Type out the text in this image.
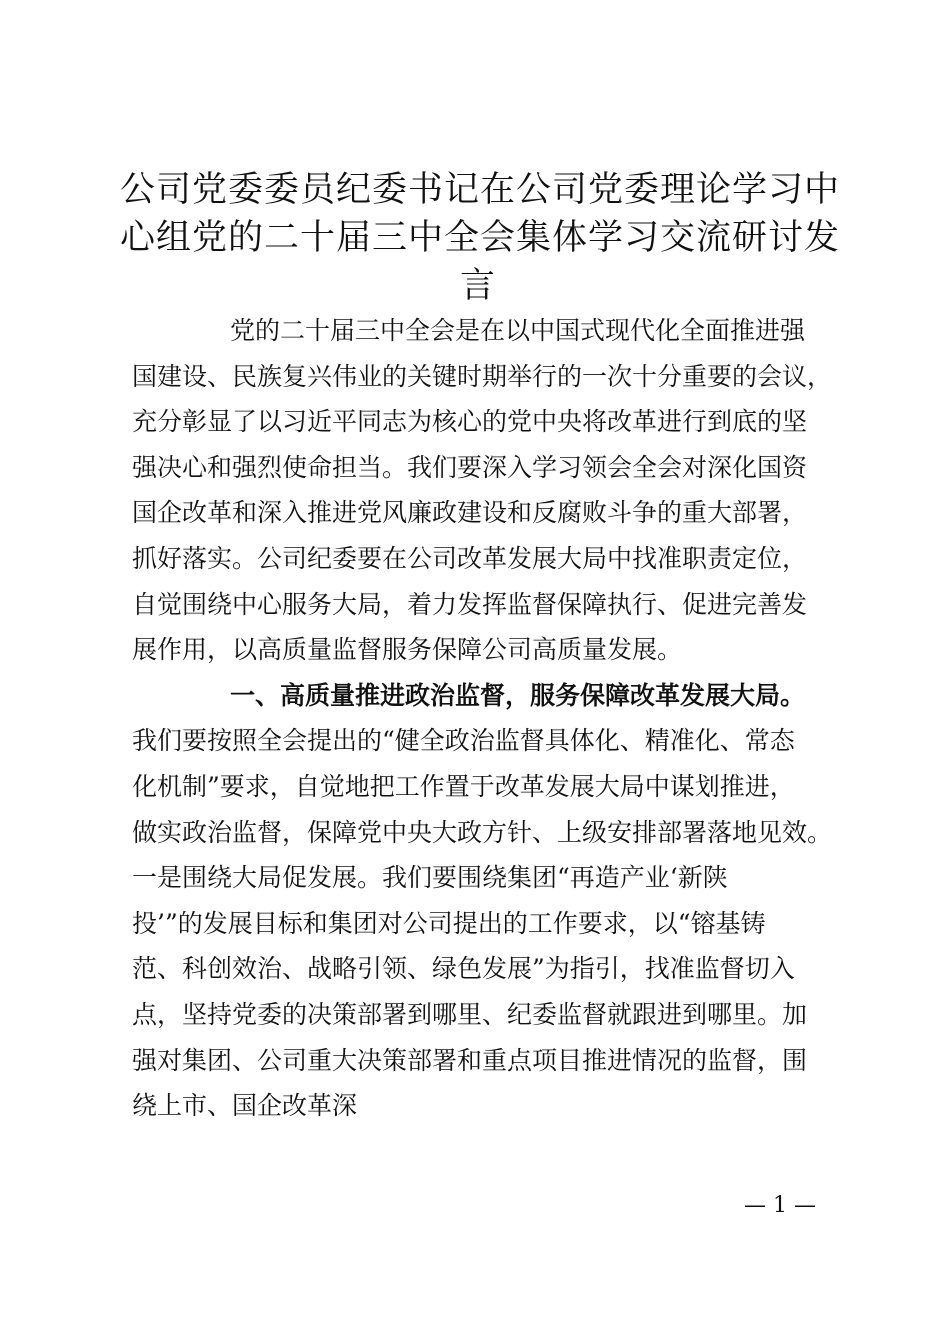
公司党委委员纪委书记在公司党委理论学习中
心组党的二十届三中全会集体学习交流研讨发
言
党的二十届三中全会是在以中国式现代化全面推进强
国建设、民族复兴伟业的关键时期举行的一次十分重要的会议，
充分彰显了以习近平同志为核心的党中央将改革进行到底的坚
强决心和强烈使命担当。我们要深入学习领会全会对深化国资
国企改革和深入推进党风廉政建设和反腐败斗争的重大部署，
抓好落实。公司纪委要在公司改革发展大局中找准职责定位，
自觉围绕中心服务大局，着力发挥监督保障执行、促进完善发
展作用，以高质量监督服务保障公司高质量发展。
一、高质量推进政治监督，服务保障改革发展大局。
我们要按照全会提出的“健全政治监督具体化、精准化、常态
化机制”要求，自觉地把工作置于改革发展大局中谋划推进，
做实政治监督，保障党中央大政方针、上级安排部署落地见效。
一是围绕大局促发展。我们要围绕集团“再造产业‘新陕
投’”的发展目标和集团对公司提出的工作要求，以“镕基铸
范、科创效治、战略引领、绿色发展”为指引，找准监督切入
点，坚持党委的决策部署到哪里、纪委监督就跟进到哪里。加
强对集团、公司重大决策部署和重点项目推进情况的监督，围
绕上市、国企改革深
— 1 —
